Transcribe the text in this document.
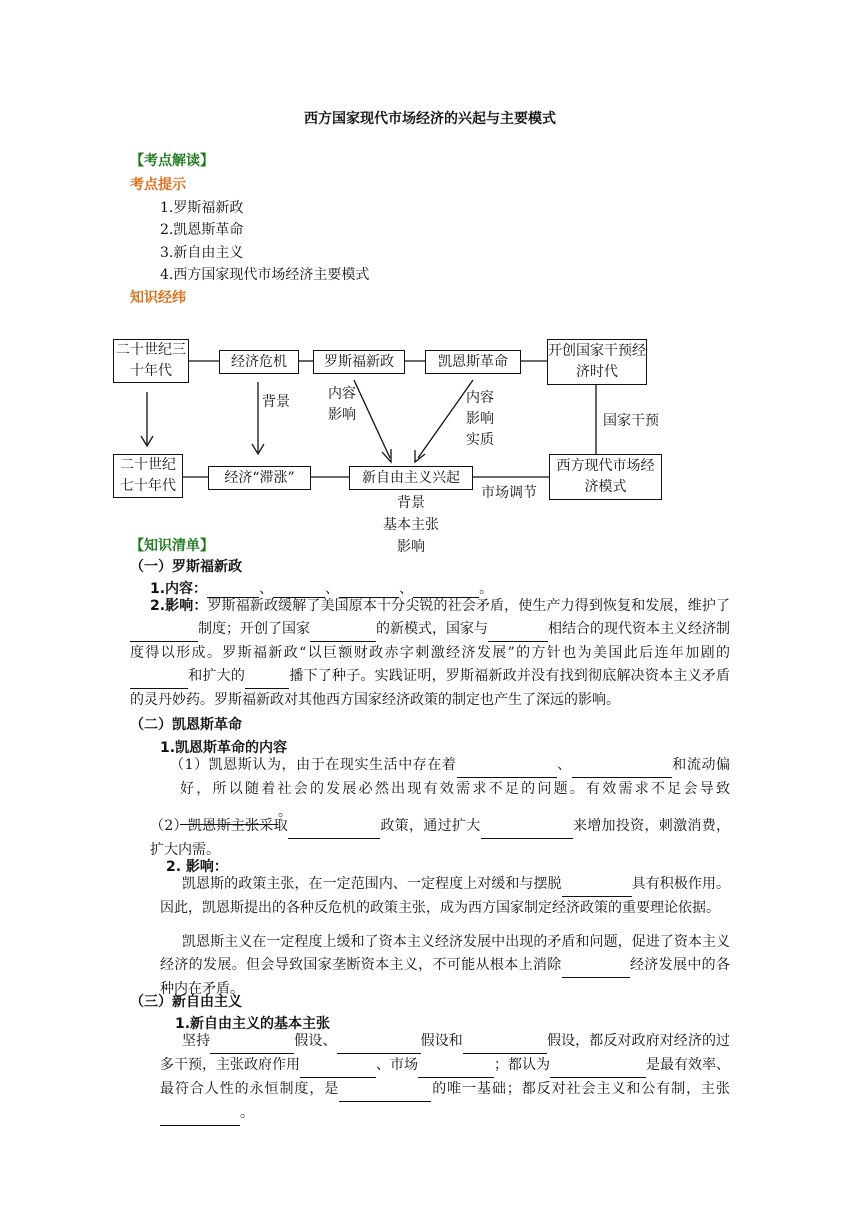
西方国家现代市场经济的兴起与主要模式
【考点解读】
考点提示
1.罗斯福新政
2.凯恩斯革命
3.新自由主义
4.西方国家现代市场经济主要模式
知识经纬
二十世纪三十年代
经济危机	罗斯福新政	凯恩斯革命
开创国家干预经济时代
二十世纪七十年代
经济“滞涨”	新自由主义兴起
西方现代市场经济模式
背景	内容
影响
内容
影响
实质
国家干预
市场调节
背景
基本主张
影响
【知识清单】
（一）罗斯福新政
1.内容：	、	、	、	。
2.影响：罗斯福新政缓解了美国原本十分尖锐的社会矛盾，使生产力得到恢复和发展，维护了 制度；开创了国家	的新模式，国家与	相结合的现代资本主义经济制度得以形成。罗斯福新政“以巨额财政赤字刺激经济发展”的方针也为美国此后连年加剧的 和扩大的	播下了种子。实践证明，罗斯福新政并没有找到彻底解决资本主义矛盾的灵丹妙药。罗斯福新政对其他西方国家经济政策的制定也产生了深远的影响。
（二）凯恩斯革命
1.凯恩斯革命的内容
（1）凯恩斯认为，由于在现实生活中存在着	、	和流动偏好，所以随着社会的发展必然出现有效需求不足的问题。有效需求不足会导致 。
（2）凯恩斯主张采取	政策，通过扩大	来增加投资，刺激消费，扩大内需。
2. 影响：
凯恩斯的政策主张，在一定范围内、一定程度上对缓和与摆脱	具有积极作用。因此，凯恩斯提出的各种反危机的政策主张，成为西方国家制定经济政策的重要理论依据。
凯恩斯主义在一定程度上缓和了资本主义经济发展中出现的矛盾和问题，促进了资本主义经济的发展。但会导致国家垄断资本主义，不可能从根本上消除	经济发展中的各种内在矛盾。
（三）新自由主义
1.新自由主义的基本主张
坚持	假设、	假设和	假设，都反对政府对经济的过多干预，主张政府作用	、市场	；都认为	是最有效率、最符合人性的永恒制度，是	的唯一基础；都反对社会主义和公有制，主张 。
